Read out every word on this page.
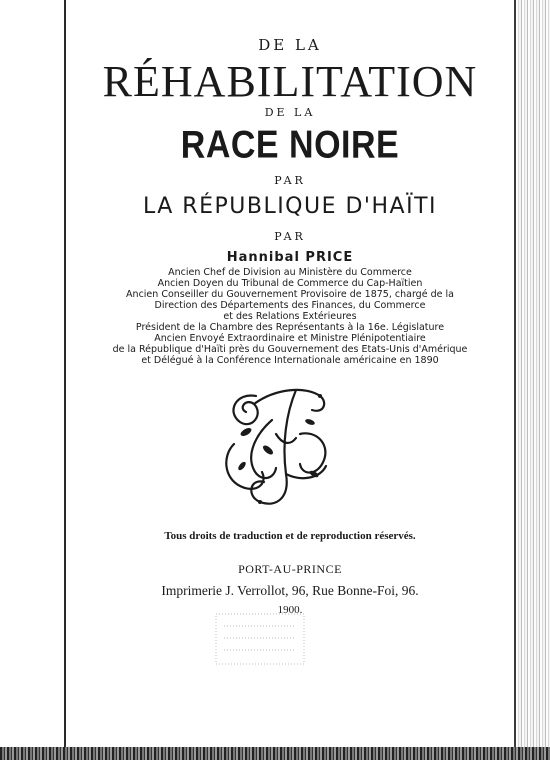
DE LA
RÉHABILITATION
DE LA
RACE NOIRE
PAR
LA RÉPUBLIQUE D'HAÏTI
PAR
Hannibal PRICE
Ancien Chef de Division au Ministère du Commerce
Ancien Doyen du Tribunal de Commerce du Cap-Haïtien
Ancien Conseiller du Gouvernement Provisoire de 1875, chargé de la
Direction des Départements des Finances, du Commerce
et des Relations Extérieures
Président de la Chambre des Représentants à la 16e. Législature
Ancien Envoyé Extraordinaire et Ministre Plénipotentiaire
de la République d'Haïti près du Gouvernement des Etats-Unis d'Amérique
et Délégué à la Conférence Internationale américaine en 1890
Tous droits de traduction et de reproduction réservés.
PORT-AU-PRINCE
Imprimerie J. Verrollot, 96, Rue Bonne-Foi, 96.
1900.
